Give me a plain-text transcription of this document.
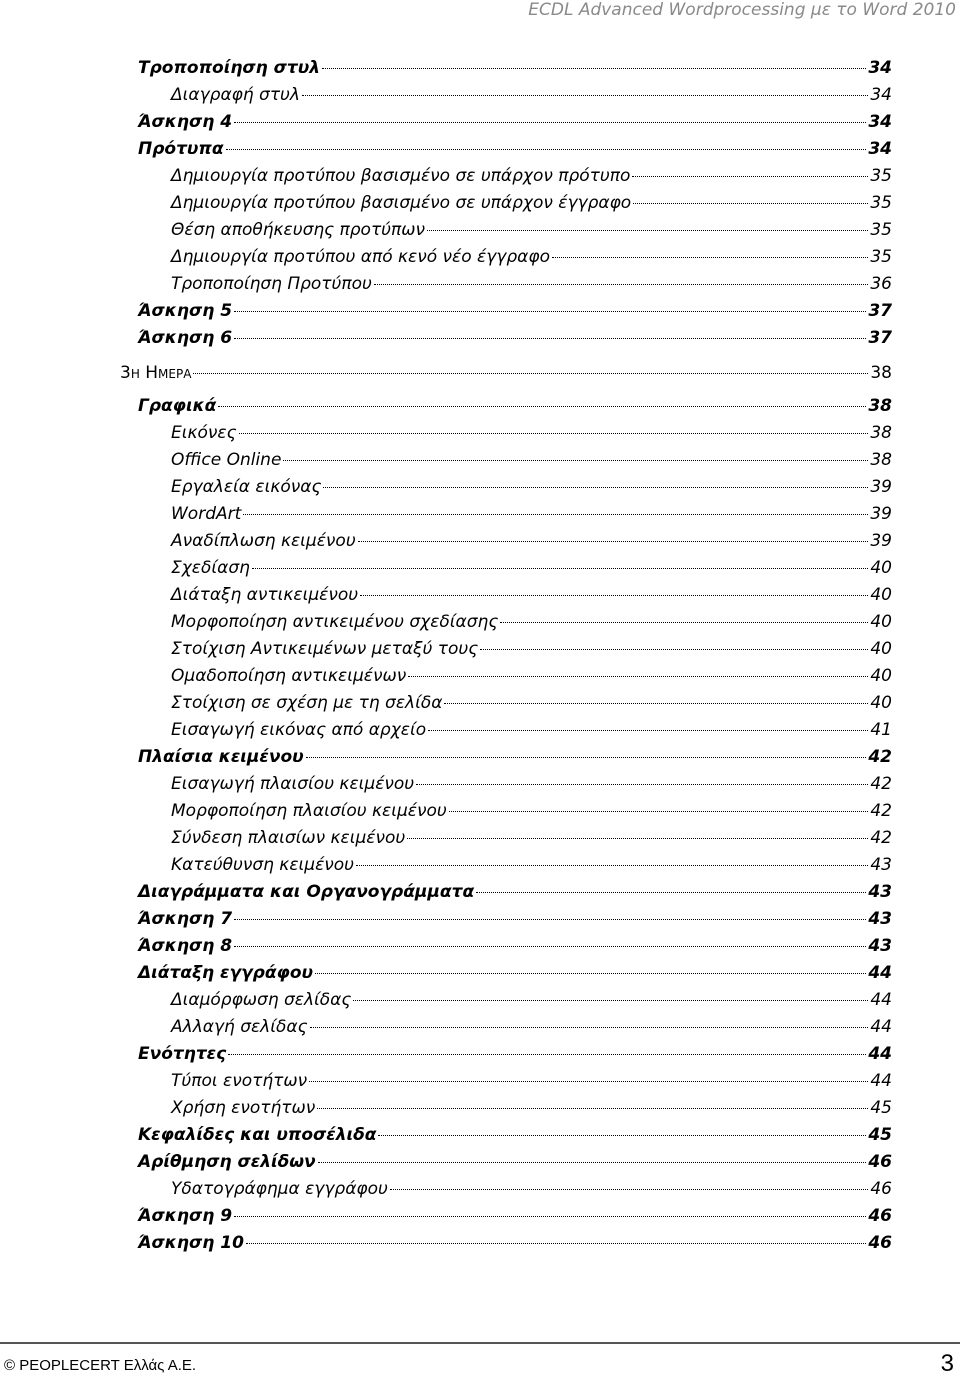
ECDL Advanced Wordprocessing με το Word 2010
Τροποποίηση στυλ	34
Διαγραφή στυλ	34
Άσκηση 4	34
Πρότυπα	34
Δημιουργία προτύπου βασισμένο σε υπάρχον πρότυπο	35
Δημιουργία προτύπου βασισμένο σε υπάρχον έγγραφο	35
Θέση αποθήκευσης προτύπων	35
Δημιουργία προτύπου από κενό νέο έγγραφο	35
Τροποποίηση Προτύπου	36
Άσκηση 5	37
Άσκηση 6	37
3η Ημερα	38
Γραφικά	38
Εικόνες	38
Office Online	38
Εργαλεία εικόνας	39
WordArt	39
Αναδίπλωση κειμένου	39
Σχεδίαση	40
Διάταξη αντικειμένου	40
Μορφοποίηση αντικειμένου σχεδίασης	40
Στοίχιση Αντικειμένων μεταξύ τους	40
Ομαδοποίηση αντικειμένων	40
Στοίχιση σε σχέση με τη σελίδα	40
Εισαγωγή εικόνας από αρχείο	41
Πλαίσια κειμένου	42
Εισαγωγή πλαισίου κειμένου	42
Μορφοποίηση πλαισίου κειμένου	42
Σύνδεση πλαισίων κειμένου	42
Κατεύθυνση κειμένου	43
Διαγράμματα και Οργανογράμματα	43
Άσκηση 7	43
Άσκηση 8	43
Διάταξη εγγράφου	44
Διαμόρφωση σελίδας	44
Αλλαγή σελίδας	44
Ενότητες	44
Τύποι ενοτήτων	44
Χρήση ενοτήτων	45
Κεφαλίδες και υποσέλιδα	45
Αρίθμηση σελίδων	46
Υδατογράφημα εγγράφου	46
Άσκηση 9	46
Άσκηση 10	46
© PEOPLECERT Ελλάς Α.Ε.	3
